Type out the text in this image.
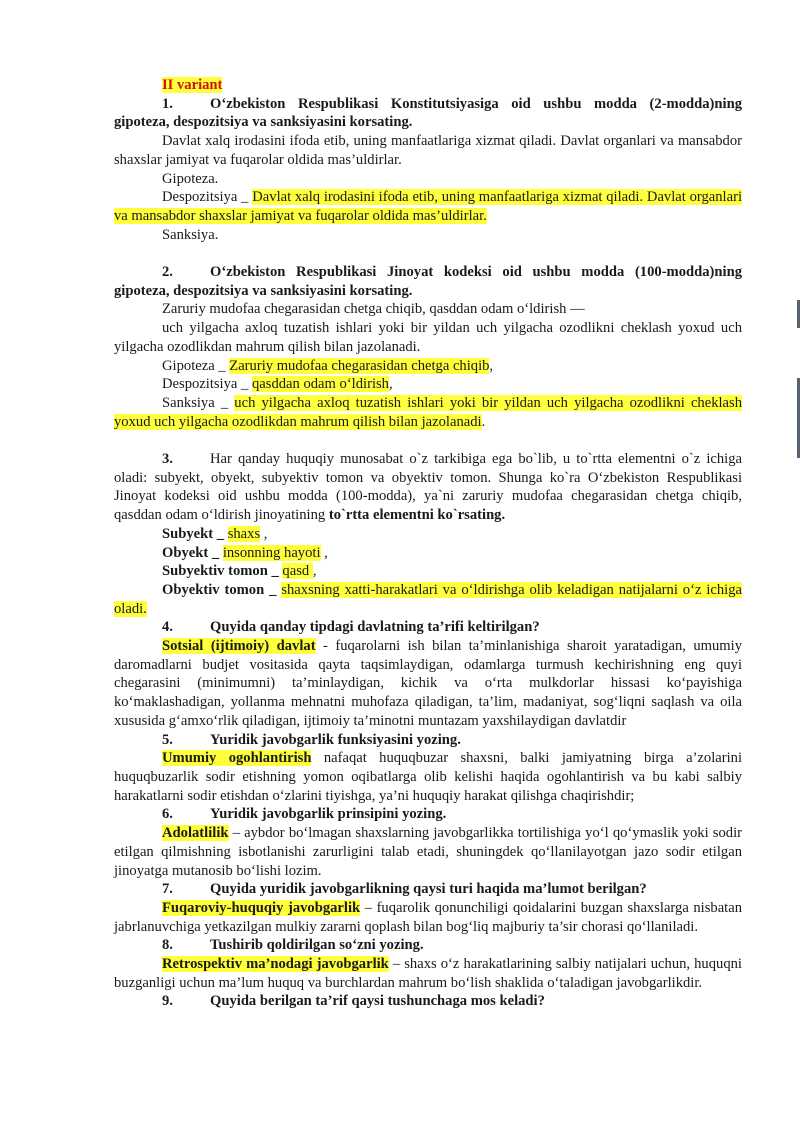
II variant

1.	O‘zbekiston Respublikasi Konstitutsiyasiga oid ushbu modda (2-modda)ning gipoteza, despozitsiya va sanksiyasini korsating.

Davlat xalq irodasini ifoda etib, uning manfaatlariga xizmat qiladi. Davlat organlari va mansabdor shaxslar jamiyat va fuqarolar oldida mas’uldirlar.

Gipoteza.

Despozitsiya _ Davlat xalq irodasini ifoda etib, uning manfaatlariga xizmat qiladi. Davlat organlari va mansabdor shaxslar jamiyat va fuqarolar oldida mas’uldirlar.

Sanksiya.

2.	O‘zbekiston Respublikasi Jinoyat kodeksi oid ushbu modda (100-modda)ning gipoteza, despozitsiya va sanksiyasini korsating.

Zaruriy mudofaa chegarasidan chetga chiqib, qasddan odam o‘ldirish —

uch yilgacha axloq tuzatish ishlari yoki bir yildan uch yilgacha ozodlikni cheklash yoxud uch yilgacha ozodlikdan mahrum qilish bilan jazolanadi.

Gipoteza _ Zaruriy mudofaa chegarasidan chetga chiqib,

Despozitsiya _ qasddan odam o‘ldirish,

Sanksiya _ uch yilgacha axloq tuzatish ishlari yoki bir yildan uch yilgacha ozodlikni cheklash yoxud uch yilgacha ozodlikdan mahrum qilish bilan jazolanadi.

3.	Har qanday huquqiy munosabat o`z tarkibiga ega bo`lib, u to`rtta elementni o`z ichiga oladi: subyekt, obyekt, subyektiv tomon va obyektiv tomon. Shunga ko`ra O‘zbekiston Respublikasi Jinoyat kodeksi oid ushbu modda (100-modda), ya`ni zaruriy mudofaa chegarasidan chetga chiqib, qasddan odam o‘ldirish jinoyatining to`rtta elementni ko`rsating.

Subyekt _ shaxs ,

Obyekt _ insonning hayoti ,

Subyektiv tomon _ qasd ,

Obyektiv tomon _ shaxsning xatti-harakatlari va o‘ldirishga olib keladigan natijalarni o‘z ichiga oladi.

4.	Quyida qanday tipdagi davlatning ta’rifi keltirilgan?

Sotsial (ijtimoiy) davlat - fuqarolarni ish bilan ta’minlanishiga sharoit yaratadigan, umumiy daromadlarni budjet vositasida qayta taqsimlaydigan, odamlarga turmush kechirishning eng quyi chegarasini (minimumni) ta’minlaydigan, kichik va o‘rta mulkdorlar hissasi ko‘payishiga ko‘maklashadigan, yollanma mehnatni muhofaza qiladigan, ta’lim, madaniyat, sog‘liqni saqlash va oila xususida g‘amxo‘rlik qiladigan, ijtimoiy ta’minotni muntazam yaxshilaydigan davlatdir

5.	Yuridik javobgarlik funksiyasini yozing.

Umumiy ogohlantirish nafaqat huquqbuzar shaxsni, balki jamiyatning birga a’zolarini huquqbuzarlik sodir etishning yomon oqibatlarga olib kelishi haqida ogohlantirish va bu kabi salbiy harakatlarni sodir etishdan o‘zlarini tiyishga, ya’ni huquqiy harakat qilishga chaqirishdir;

6.	Yuridik javobgarlik prinsipini yozing.

Adolatlilik – aybdor bo‘lmagan shaxslarning javobgarlikka tortilishiga yo‘l qo‘ymaslik yoki sodir etilgan qilmishning isbotlanishi zarurligini talab etadi, shuningdek qo‘llanilayotgan jazo sodir etilgan jinoyatga mutanosib bo‘lishi lozim.

7.	Quyida yuridik javobgarlikning qaysi turi haqida ma’lumot berilgan?

Fuqaroviy-huquqiy javobgarlik – fuqarolik qonunchiligi qoidalarini buzgan shaxslarga nisbatan jabrlanuvchiga yetkazilgan mulkiy zararni qoplash bilan bog‘liq majburiy ta’sir chorasi qo‘llaniladi.

8.	Tushirib qoldirilgan so‘zni yozing.

Retrospektiv ma’nodagi javobgarlik – shaxs o‘z harakatlarining salbiy natijalari uchun, huquqni buzganligi uchun ma’lum huquq va burchlardan mahrum bo‘lish shaklida o‘taladigan javobgarlikdir.

9.	Quyida berilgan ta’rif qaysi tushunchaga mos keladi?
